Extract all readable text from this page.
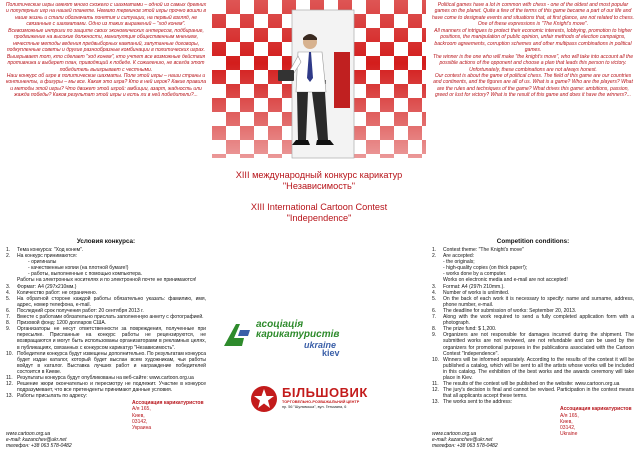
Политические игры имеют много схожего с шахматами – одной из самых древних и популярных игр на нашей планете. Немало терминов этой игры прочно вошли в наше жизнь и стали обозначать понятия и ситуации, на первый взгляд, не связанные с шахматами. Одно из таких выражений – "ход конем".

Всевозможные интриги по защите своих экономических интересов, подбирание, продвижение на высокие должности, манипуляция общественным мнением, нечестные методы ведения предвыборных кампаний, запутанные договоры, подкупленные советы и другие разнообразные комбинации в политических играх.

Выигрывает тот, кто сделает "ход конем", кто учтет все возможные действия противника и выберет план, приводящий к победе. К сожалению, не всегда этот победитель выигрывает с честными.

Наш конкурс об игре в политические шахматы. Поле этой игры – наши страны и континенты, а фигуры – мы все. Какая это игра? Кто в ней игрок? Какие правила и методы этой игры? Что движет этой игрой: амбиции, азарт, жадность или жажда победы? Каков результат этой игры и есть ли в ней победители?...

Условия конкурса:
1.	Тема конкурса: "Ход конем".
2.	На конкурс принимаются:
- оригиналы
- качественные копии (на плотной бумаге!)
- работы, выполненные с помощью компьютера.
Работы на электронных носителях и по электронной почте не принимаются!
3.	Формат: А4 (297х210мм.)
4.	Количество работ: не ограничено.
5.	На обратной стороне каждой работы обязательно указать: фамилию, имя, адрес, номер телефона, e-mail.
6.	Последний срок получения работ: 20 сентября 2013 г.
7.	Вместе с работами обязательно прислать заполненную анкету с фотографией.
8.	Призовой фонд: 1200 долларов США.
9.	Организаторы не несут ответственности за повреждения, полученные при пересылке. Присланные на конкурс работы не рецензируются, не возвращаются и могут быть использованы организаторами в рекламных целях, в публикациях, связанных с конкурсом карикатур "Независимость".
10. Победители конкурса будут извещены дополнительно. По результатам конкурса будет издан каталог, который будет выслан всем художникам, чьи работы войдут в каталог. Выставка лучших работ и награждение победителей состоится в Киеве.
11. Результаты конкурса будут опубликованы на веб-сайте: www.cartoon.org.ua
12. Решение жюри окончательно и пересмотру не подлежит. Участие в конкурсе подразумевает, что все претенденты принимают данные условия.
13. Работы присылать по адресу:
Ассоциация карикатуристов
А/я 165,
Киев,
03142,
Украина
www.cartoon.org.ua
e-mail: kazanchev@ukr.net
телефон: +38 063 578-0482
XIII международный конкурс карикатур "Независимость"
XIII International Cartoon Contest "Independence"
асоціація
карикатуристів
ukraine
kiev
БІЛЬШОВИК
ТОРГОВЕЛЬНО-РОЗВАЖАЛЬНИЙ ЦЕНТР
пр. 56 "Шулявська", вул. Гетьмана, 6

Political games have a lot in common with chess - one of the oldest and most popular games on the planet. Quite a few of the terms of this game became a part of our life and have come to designate events and situations that, at first glance, are not related to chess. One of these expressions is "The Knight's move".

All manners of intrigues to protect their economic interests, lobbying, promotion to higher positions, the manipulation of public opinion, unfair methods of election campaigns, backroom agreements, corruption schemes and other multipass combinations in political games.

The winner is the one who will make "the knight's move", who will take into account all the possible actions of the opponent and choose a plan that leads this person to victory. Unfortunately, these combinations are not always honest.

Our contest is about the game of political chess. The field of this game are our countries and continents, and the figures are all of us. What is a game? Who are the players? What are the rules and techniques of the game? What drives this game: ambitions, passion, greed or lust for victory? What is the result of this game and does it have the winners?...

Competition conditions:
1.	Contest theme: "The Knight's move"
2.	Are accepted:
- the originals;
- high-quality copies (on thick paper!);
- works done by a computer.
Works on electronic media and e-mail are not accepted!
3.	Format: A4 (297h 210mm.).
4.	Number of works is unlimited.
5.	On the back of each work it is necessary to specify: name and surname, address, phone number, e-mail.
6.	The deadline for submission of works: September 20, 2013.
7.	Along with the work required to send a fully completed application form with a photograph.
8.	The prize fund: $ 1,200.
9.	Organizers are not responsible for damages incurred during the shipment. The submitted works are not reviewed, are not refundable and can be used by the organizers for promotional purposes in the publications associated with the Cartoon Contest "Independence".
10. Winners will be informed separately. According to the results of the contest it will be published a catalog, which will be sent to all the artists whose works will be included in this catalog. The exhibition of the best works and the awards ceremony will take place in Kiev.
11. The results of the contest will be published on the website: www.cartoon.org.ua
12. The jury's decision is final and cannot be revised. Participation in the contest means that all applicants accept these terms.
13. The works sent to the address:
Ассоциация карикатуристов
А/я 165,
Киев,
03142,
Ukraine
www.cartoon.org.ua
e-mail: kazanchev@ukr.net
телефон: +38 063 578-0482
